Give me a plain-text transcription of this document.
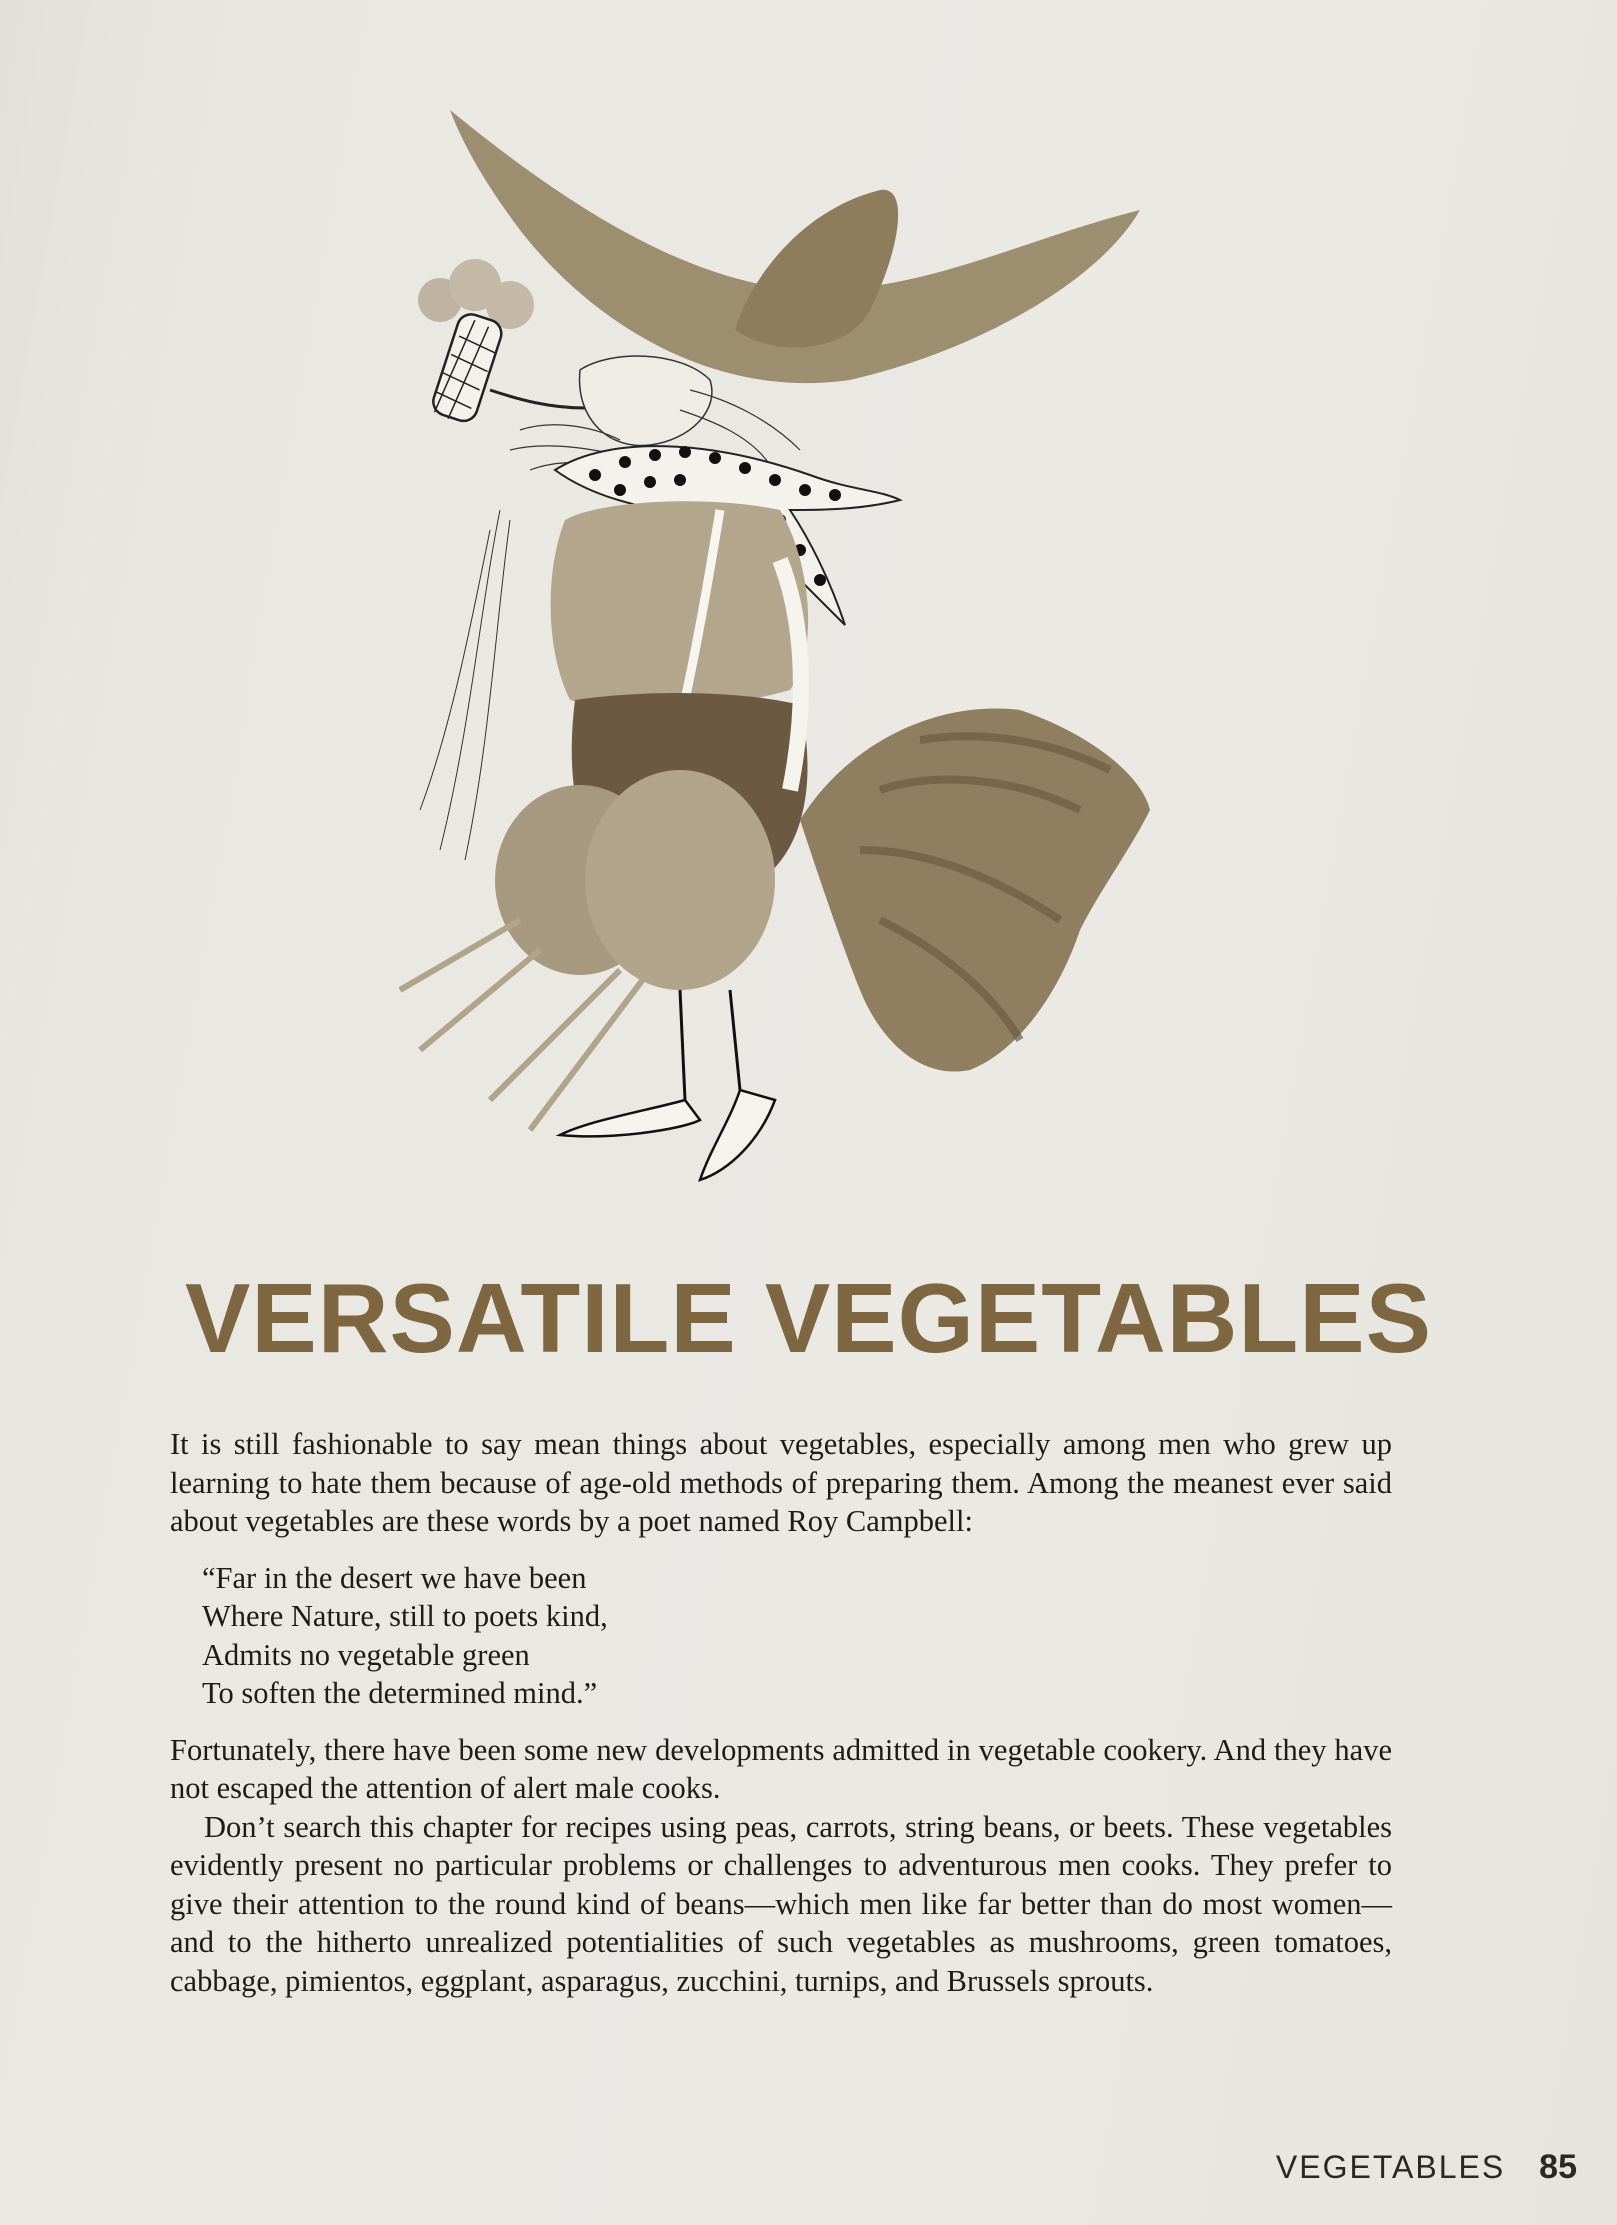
VERSATILE VEGETABLES

It is still fashionable to say mean things about vegetables, especially among men who grew up learning to hate them because of age-old methods of preparing them. Among the meanest ever said about vegetables are these words by a poet named Roy Campbell:

“Far in the desert we have been
Where Nature, still to poets kind,
Admits no vegetable green
To soften the determined mind.”

Fortunately, there have been some new developments admitted in vegetable cookery. And they have not escaped the attention of alert male cooks.

Don’t search this chapter for recipes using peas, carrots, string beans, or beets. These vegetables evidently present no particular problems or challenges to adventurous men cooks. They prefer to give their attention to the round kind of beans—which men like far better than do most women—and to the hitherto unrealized potentialities of such vegetables as mushrooms, green tomatoes, cabbage, pimientos, eggplant, asparagus, zucchini, turnips, and Brussels sprouts.

VEGETABLES 85
